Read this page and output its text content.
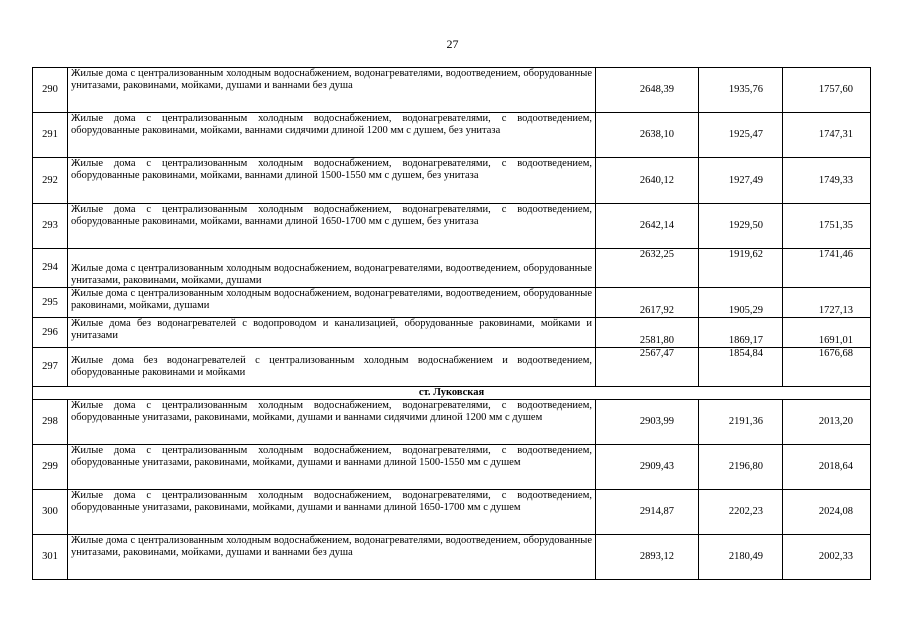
27
290	Жилые дома с централизованным холодным водоснабжением, водонагревателями, водоотведением, оборудованные унитазами, раковинами, мойками, душами и ваннами без душа	2648,39	1935,76	1757,60
291	Жилые дома с централизованным холодным водоснабжением, водонагревателями, с водоотведением, оборудованные раковинами, мойками, ваннами сидячими длиной 1200 мм с душем, без унитаза	2638,10	1925,47	1747,31
292	Жилые дома с централизованным холодным водоснабжением, водонагревателями, с водоотведением, оборудованные раковинами, мойками, ваннами длиной 1500-1550 мм с душем, без унитаза	2640,12	1927,49	1749,33
293	Жилые дома с централизованным холодным водоснабжением, водонагревателями, с водоотведением, оборудованные раковинами, мойками, ваннами длиной 1650-1700 мм с душем, без унитаза	2642,14	1929,50	1751,35
294	Жилые дома с централизованным холодным водоснабжением, водонагревателями, водоотведением, оборудованные унитазами, раковинами, мойками, душами	2632,25	1919,62	1741,46
295	Жилые дома с централизованным холодным водоснабжением, водонагревателями, водоотведением, оборудованные раковинами, мойками, душами	2617,92	1905,29	1727,13
296	Жилые дома без водонагревателей с водопроводом и канализацией, оборудованные раковинами, мойками и унитазами	2581,80	1869,17	1691,01
297	Жилые дома без водонагревателей с централизованным холодным водоснабжением и водоотведением, оборудованные раковинами и мойками	2567,47	1854,84	1676,68
ст. Луковская				
298	Жилые дома с централизованным холодным водоснабжением, водонагревателями, с водоотведением, оборудованные унитазами, раковинами, мойками, душами и ваннами сидячими длиной 1200 мм с душем	2903,99	2191,36	2013,20
299	Жилые дома с централизованным холодным водоснабжением, водонагревателями, с водоотведением, оборудованные унитазами, раковинами, мойками, душами и ваннами длиной 1500-1550 мм с душем	2909,43	2196,80	2018,64
300	Жилые дома с централизованным холодным водоснабжением, водонагревателями, с водоотведением, оборудованные унитазами, раковинами, мойками, душами и ваннами длиной 1650-1700 мм с душем	2914,87	2202,23	2024,08
301	Жилые дома с централизованным холодным водоснабжением, водонагревателями, водоотведением, оборудованные унитазами, раковинами, мойками, душами и ваннами без душа	2893,12	2180,49	2002,33
